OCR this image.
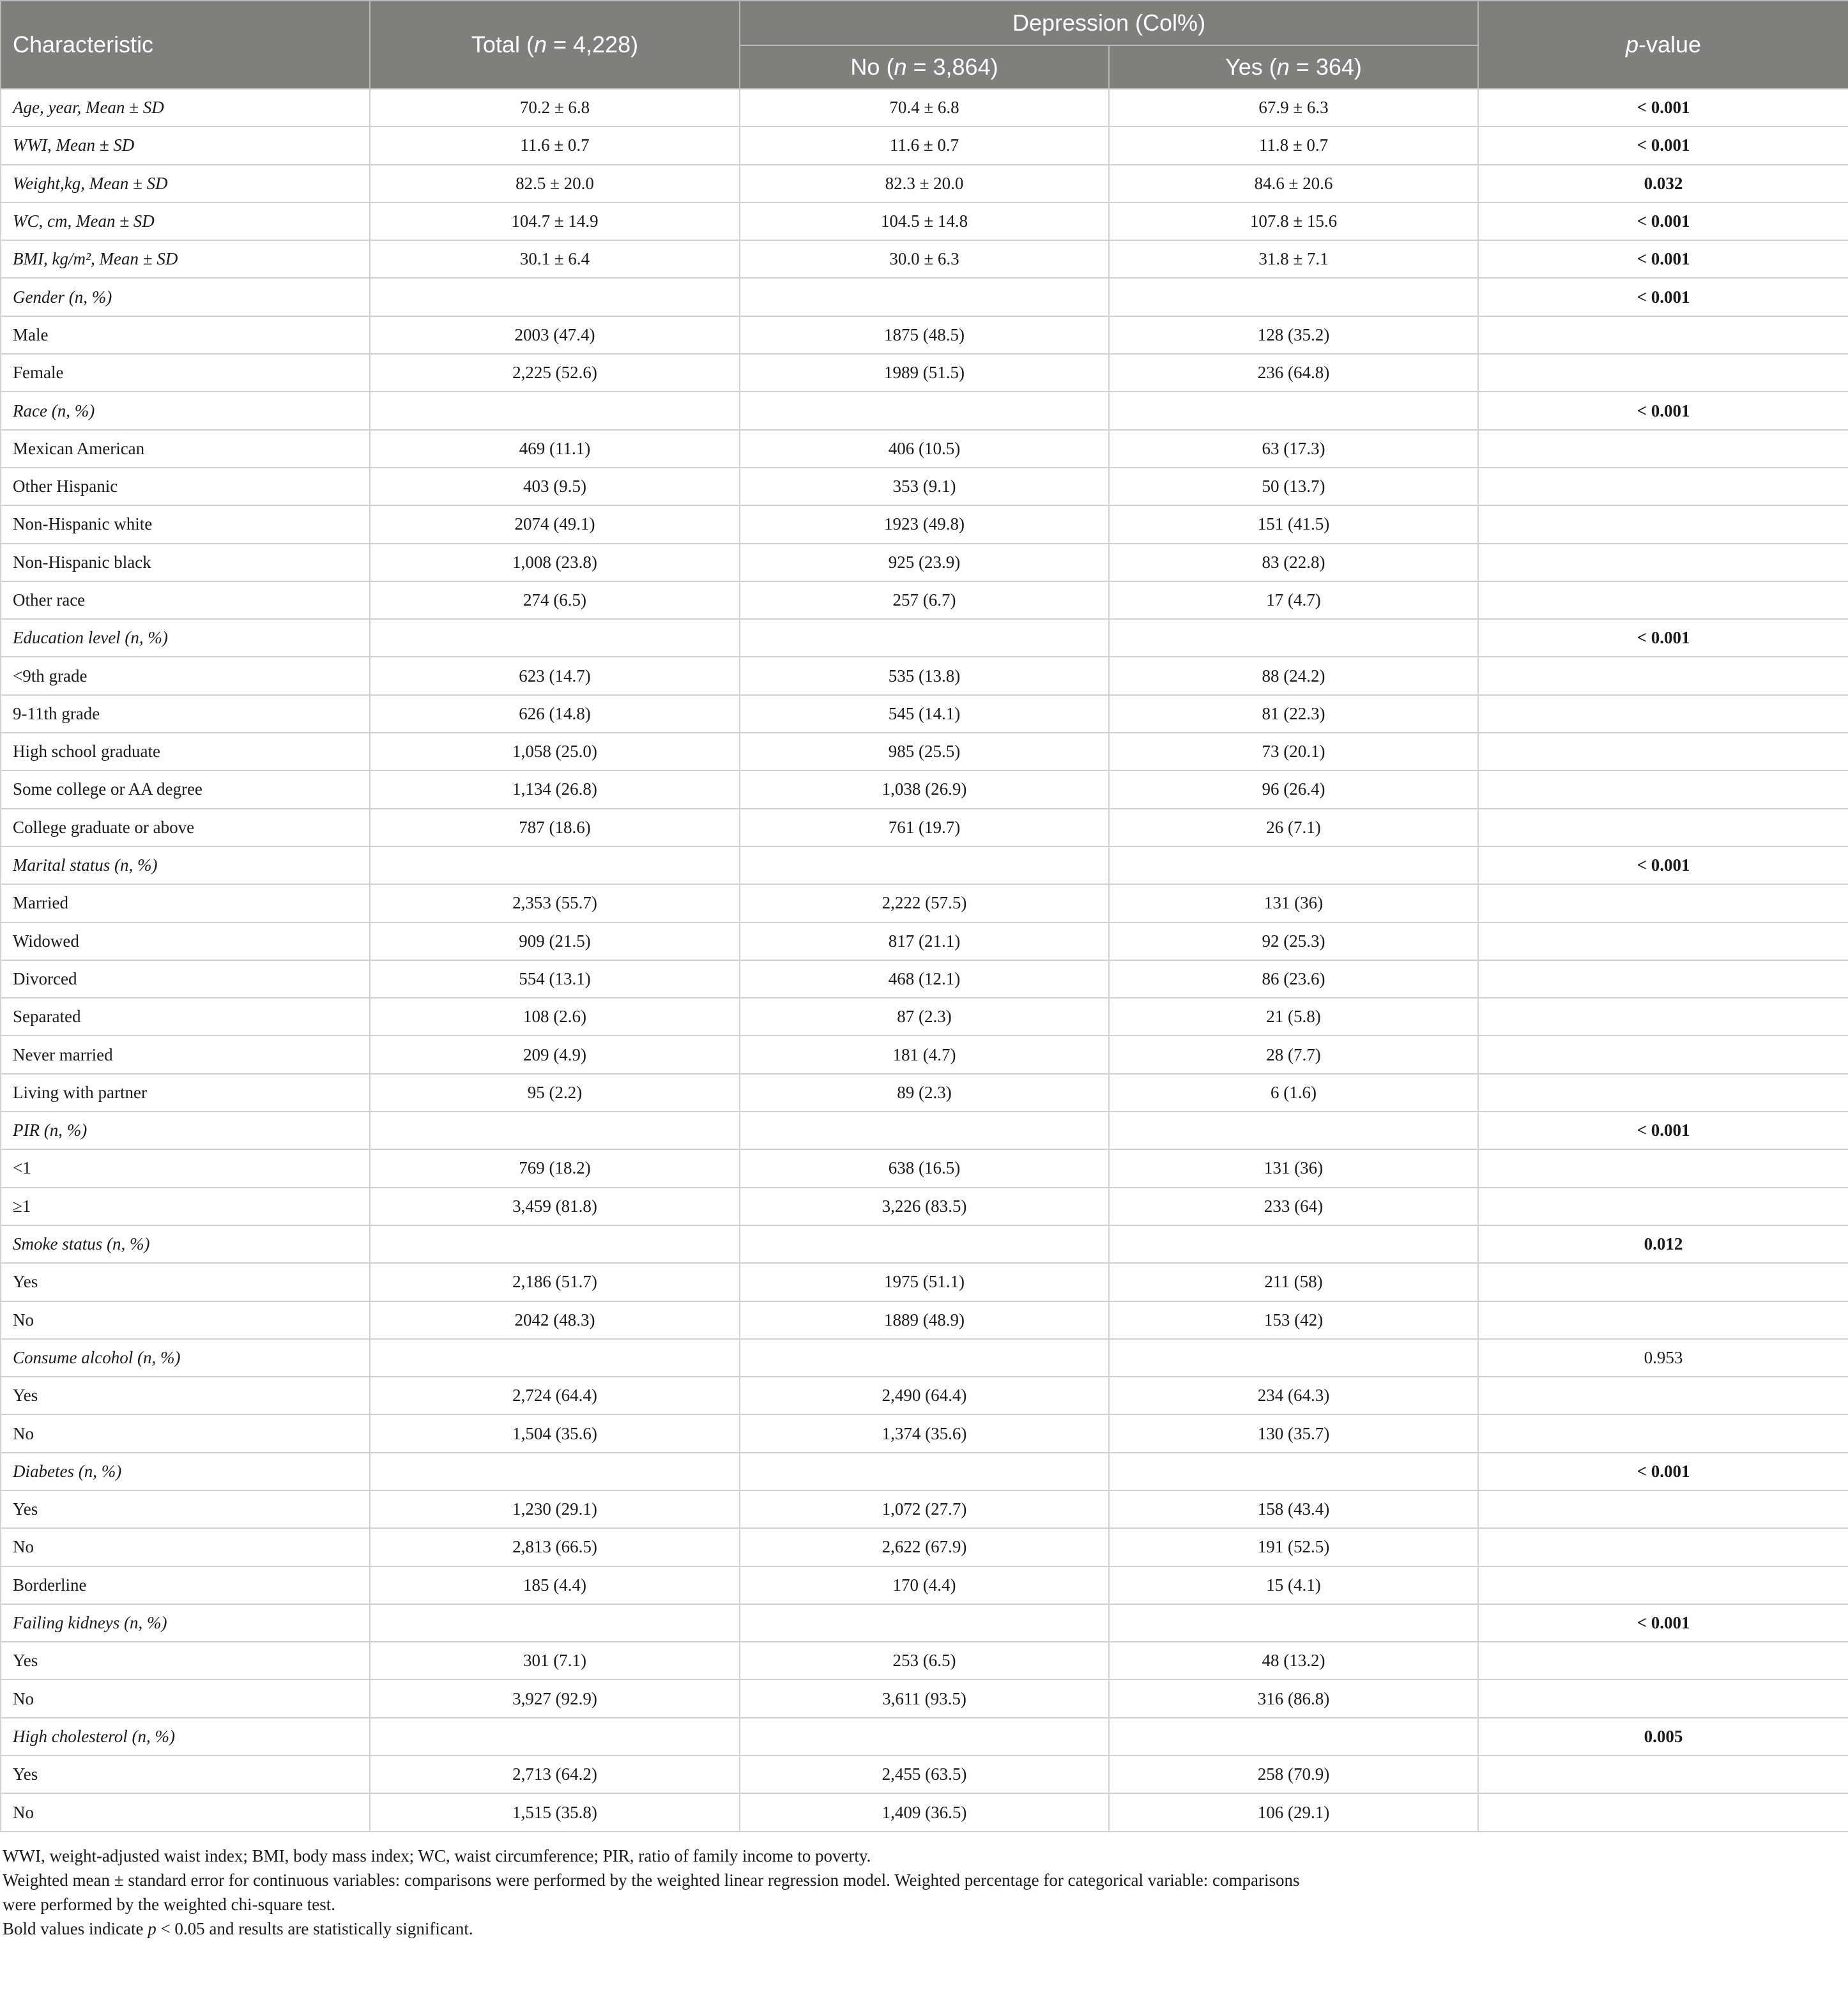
Characteristic	Total (n = 4,228)	Depression (Col%)		p-value
		No (n = 3,864)	Yes (n = 364)	
Age, year, Mean ± SD	70.2 ± 6.8	70.4 ± 6.8	67.9 ± 6.3	< 0.001
WWI, Mean ± SD	11.6 ± 0.7	11.6 ± 0.7	11.8 ± 0.7	< 0.001
Weight,kg, Mean ± SD	82.5 ± 20.0	82.3 ± 20.0	84.6 ± 20.6	0.032
WC, cm, Mean ± SD	104.7 ± 14.9	104.5 ± 14.8	107.8 ± 15.6	< 0.001
BMI, kg/m², Mean ± SD	30.1 ± 6.4	30.0 ± 6.3	31.8 ± 7.1	< 0.001
Gender (n, %)				< 0.001
Male	2003 (47.4)	1875 (48.5)	128 (35.2)	
Female	2,225 (52.6)	1989 (51.5)	236 (64.8)	
Race (n, %)				< 0.001
Mexican American	469 (11.1)	406 (10.5)	63 (17.3)	
Other Hispanic	403 (9.5)	353 (9.1)	50 (13.7)	
Non-Hispanic white	2074 (49.1)	1923 (49.8)	151 (41.5)	
Non-Hispanic black	1,008 (23.8)	925 (23.9)	83 (22.8)	
Other race	274 (6.5)	257 (6.7)	17 (4.7)	
Education level (n, %)				< 0.001
<9th grade	623 (14.7)	535 (13.8)	88 (24.2)	
9-11th grade	626 (14.8)	545 (14.1)	81 (22.3)	
High school graduate	1,058 (25.0)	985 (25.5)	73 (20.1)	
Some college or AA degree	1,134 (26.8)	1,038 (26.9)	96 (26.4)	
College graduate or above	787 (18.6)	761 (19.7)	26 (7.1)	
Marital status (n, %)				< 0.001
Married	2,353 (55.7)	2,222 (57.5)	131 (36)	
Widowed	909 (21.5)	817 (21.1)	92 (25.3)	
Divorced	554 (13.1)	468 (12.1)	86 (23.6)	
Separated	108 (2.6)	87 (2.3)	21 (5.8)	
Never married	209 (4.9)	181 (4.7)	28 (7.7)	
Living with partner	95 (2.2)	89 (2.3)	6 (1.6)	
PIR (n, %)				< 0.001
<1	769 (18.2)	638 (16.5)	131 (36)	
≥1	3,459 (81.8)	3,226 (83.5)	233 (64)	
Smoke status (n, %)				0.012
Yes	2,186 (51.7)	1975 (51.1)	211 (58)	
No	2042 (48.3)	1889 (48.9)	153 (42)	
Consume alcohol (n, %)				0.953
Yes	2,724 (64.4)	2,490 (64.4)	234 (64.3)	
No	1,504 (35.6)	1,374 (35.6)	130 (35.7)	
Diabetes (n, %)				< 0.001
Yes	1,230 (29.1)	1,072 (27.7)	158 (43.4)	
No	2,813 (66.5)	2,622 (67.9)	191 (52.5)	
Borderline	185 (4.4)	170 (4.4)	15 (4.1)	
Failing kidneys (n, %)				< 0.001
Yes	301 (7.1)	253 (6.5)	48 (13.2)	
No	3,927 (92.9)	3,611 (93.5)	316 (86.8)	
High cholesterol (n, %)				0.005
Yes	2,713 (64.2)	2,455 (63.5)	258 (70.9)	
No	1,515 (35.8)	1,409 (36.5)	106 (29.1)	

WWI, weight-adjusted waist index; BMI, body mass index; WC, waist circumference; PIR, ratio of family income to poverty.

Weighted mean ± standard error for continuous variables: comparisons were performed by the weighted linear regression model. Weighted percentage for categorical variable: comparisons were performed by the weighted chi-square test.

Bold values indicate p < 0.05 and results are statistically significant.
